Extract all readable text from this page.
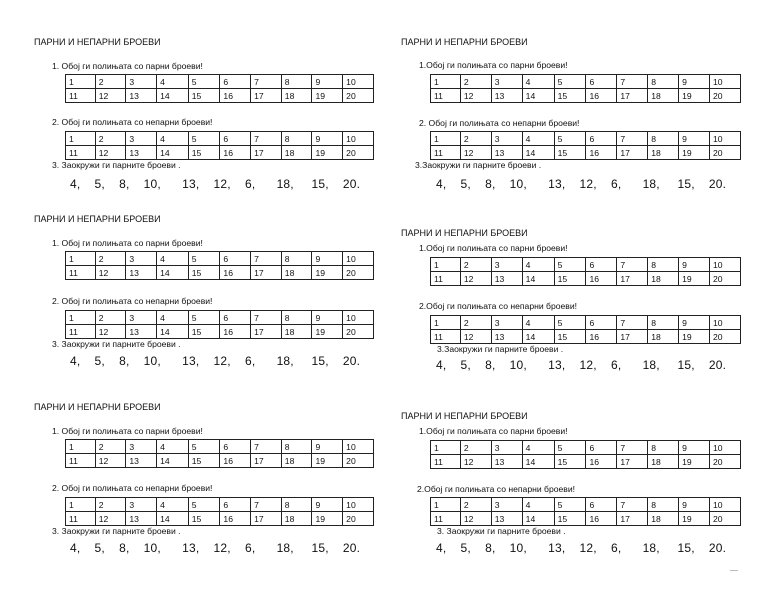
ПАРНИ И НЕПАРНИ БРОЕВИ
1. Обој ги полињата со парни броеви!
1	2	3	4	5	6	7	8	9	10
11	12	13	14	15	16	17	18	19	20
2. Обој ги полињата со непарни броеви!
1	2	3	4	5	6	7	8	9	10
11	12	13	14	15	16	17	18	19	20
3. Заокружи ги парните броеви .
4,    5,    8,    10,      13,    12,    6,      18,     15,    20.
ПАРНИ И НЕПАРНИ БРОЕВИ
1. Обој ги полињата со парни броеви!
1	2	3	4	5	6	7	8	9	10
11	12	13	14	15	16	17	18	19	20
2. Обој ги полињата со непарни броеви!
1	2	3	4	5	6	7	8	9	10
11	12	13	14	15	16	17	18	19	20
3. Заокружи ги парните броеви .
4,    5,    8,    10,      13,    12,    6,      18,     15,    20.
ПАРНИ И НЕПАРНИ БРОЕВИ
1. Обој ги полињата со парни броеви!
1	2	3	4	5	6	7	8	9	10
11	12	13	14	15	16	17	18	19	20
2. Обој ги полињата со непарни броеви!
1	2	3	4	5	6	7	8	9	10
11	12	13	14	15	16	17	18	19	20
3. Заокружи ги парните броеви .
4,    5,    8,    10,      13,    12,    6,      18,     15,    20.
ПАРНИ И НЕПАРНИ БРОЕВИ
1.Обој ги полињата со парни броеви!
1	2	3	4	5	6	7	8	9	10
11	12	13	14	15	16	17	18	19	20
2. Обој ги полињата со непарни броеви!
1	2	3	4	5	6	7	8	9	10
11	12	13	14	15	16	17	18	19	20
3.Заокружи ги парните броеви .
4,    5,    8,    10,      13,    12,    6,      18,     15,    20.
ПАРНИ И НЕПАРНИ БРОЕВИ
1.Обој ги полињата со парни броеви!
1	2	3	4	5	6	7	8	9	10
11	12	13	14	15	16	17	18	19	20
2.Обој ги полињата со непарни броеви!
1	2	3	4	5	6	7	8	9	10
11	12	13	14	15	16	17	18	19	20
3.Заокружи ги парните броеви .
4,    5,    8,    10,      13,    12,    6,      18,     15,    20.
ПАРНИ И НЕПАРНИ БРОЕВИ
1.Обој ги полињата со парни броеви!
1	2	3	4	5	6	7	8	9	10
11	12	13	14	15	16	17	18	19	20
2.Обој ги полињата со непарни броеви!
1	2	3	4	5	6	7	8	9	10
11	12	13	14	15	16	17	18	19	20
3. Заокружи ги парните броеви .
4,    5,    8,    10,      13,    12,    6,      18,     15,    20.
